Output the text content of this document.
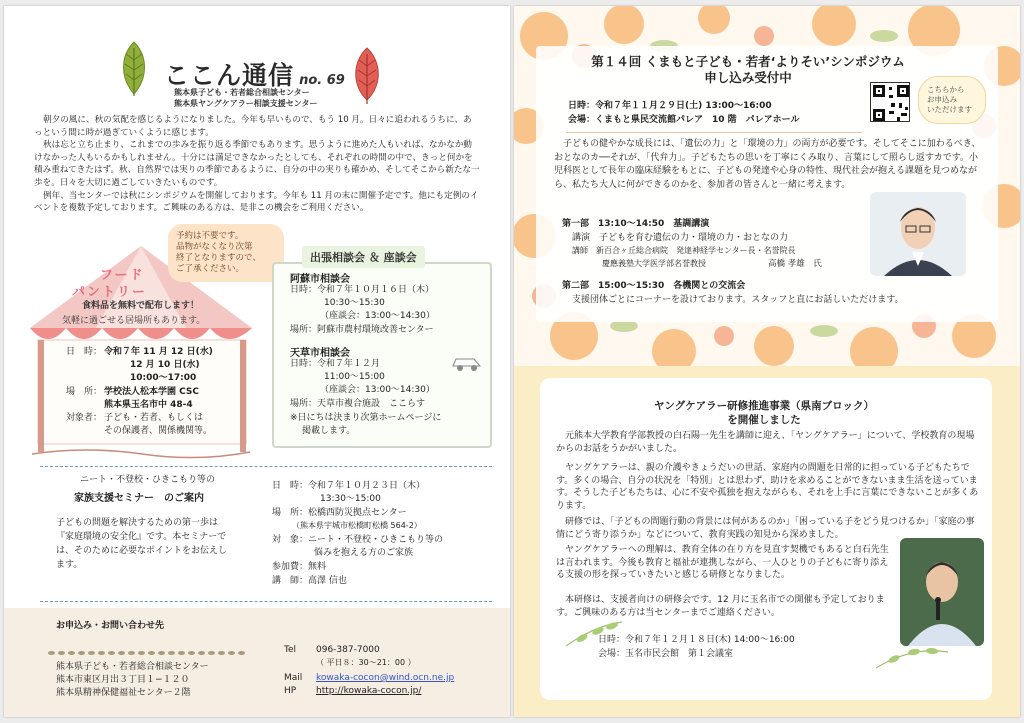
ここん通信 no. 69
熊本県子ども・若者総合相談センター
熊本県ヤングケアラー相談支援センター

朝夕の風に、秋の気配を感じるようになりました。今年も早いもので、もう 10 月。日々に追われるうちに、あっという間に時が過ぎていくように感じます。

秋は忘と立ち止まり、これまでの歩みを振り返る季節でもあります。思うように進めた人もいれば、なかなか動けなかった人もいるかもしれません。十分には満足できなかったとしても、それぞれの時間の中で、きっと何かを積み重ねてきたはず。秋、自然界では実りの季節であるように、自分の中の実りも確かめ、そしてそこから新たな一歩を。日々を大切に過ごしていきたいものです。

例年、当センターでは秋にシンポジウムを開催しております。今年も 11 月の末に開催予定です。他にも定例のイベントを複数予定しております。ご興味のある方は、是非この機会をご利用ください。

予約は不要です。
品物がなくなり次第
終了となりますので、
ご了承ください。
フード
パントリー
食料品を無料で配布します！
気軽に過ごせる居場所もあります。
日　時： 令和７年 11 月 12 日(水)
12 月 10 日(水)
10:00〜17:00
場　所： 学校法人松本学園 CSC
熊本県玉名市中 48-4
対象者： 子ども・若者、もしくは
その保護者、関係機関等。
出張相談会 ＆ 座談会
阿蘇市相談会
日時：令和７年１０月１６日（木）
10:30〜15:30
（座談会：13:00〜14:30）
場所：阿蘇市農村環境改善センター
天草市相談会
日時：令和７年１２月
11:00〜15:00
（座談会：13:00〜14:30）
場所：天草市複合施設　ここらす
※日にちは決まり次第ホームページに
掲載します。
ニート・不登校・ひきこもり等の
家族支援セミナー　のご案内
子どもの問題を解決するための第一歩は
『家庭環境の安全化』です。本セミナーで
は、そのために必要なポイントをお伝えし
ます。
日　時：令和７年１０月２３日（木）
13:30〜15:00
場　所：松橋西防災拠点センター
（熊本県宇城市松橋町松橋 564-2）
対　象：ニート・不登校・ひきこもり等の
悩みを抱える方のご家族
参加費：無料
講　師：高澤 信也
お申込み・お問い合わせ先
熊本県子ども・若者総合相談センター
熊本市東区月出３丁目１−１２０
熊本県精神保健福祉センター２階
Tel 096-387-7000
（ 平日８：30〜21：00 ）
Mail kowaka-cocon@wind.ocn.ne.jp
HP http://kowaka-cocon.jp/
第１４回 くまもと子ども・若者‘よりそい’シンポジウム
申し込み受付中
こちらから
お申込み
いただけます
日時：令和７年１１月２９日(土) 13:00〜16:00
会場：くまもと県民交流館パレア　10 階　パレアホール
子どもの健やかな成長には、「遺伝の力」と「環境の力」の両方が必要です。そしてそこに加わるべき、おとなのカ──それが、「代弁力」。子どもたちの思いを丁寧にくみ取り、言葉にして照らし返すカです。小児科医として長年の臨床経験をもとに、子どもの発達や心身の特性、現代社会が抱える課題を見つめながら、私たち大人に何ができるのかを、参加者の皆さんと一緒に考えます。
第一部　13:10〜14:50　基調講演
講演　 子どもを育む遺伝の力・環境の力・おとなの力
講師　 新百合ヶ丘総合病院　発達神経学センター長・名誉院長
慶應義塾大学医学部名誉教授	高橋 孝雄　氏
第二部　15:00〜15:30　各機関との交流会
支援団体ごとにコーナーを設けております。スタッフと直にお話しいただけます。
ヤングケアラー研修推進事業（県南ブロック）
を開催しました
元熊本大学教育学部教授の白石陽一先生を講師に迎え、「ヤングケアラー」について、学校教育の現場からのお話をうかがいました。
ヤングケアラーは、親の介護やきょうだいの世話、家庭内の問題を日常的に担っている子どもたちです。多くの場合、自分の状況を「特別」とは思わず、助けを求めることができないまま生活を送っています。そうした子どもたちは、心に不安や孤独を抱えながらも、それを上手に言葉にできないことが多くあります。
研修では、「子どもの問題行動の背景には何があるのか」「困っている子をどう見つけるか」「家庭の事情にどう寄り添うか」などについて、教育実践の知見から深めました。
ヤングケアラーへの理解は、教育全体の在り方を見直す契機でもあると白石先生は言われます。今後も教育と福祉が連携しながら、一人ひとりの子どもに寄り添える支援の形を探っていきたいと感じる研修となりました。
本研修は、支援者向けの研修会です。12 月に玉名市での開催も予定しております。ご興味のある方は当センターまでご連絡ください。
日時：令和７年１２月１８日(木) 14:00〜16:00
会場：玉名市民会館　第１会議室
